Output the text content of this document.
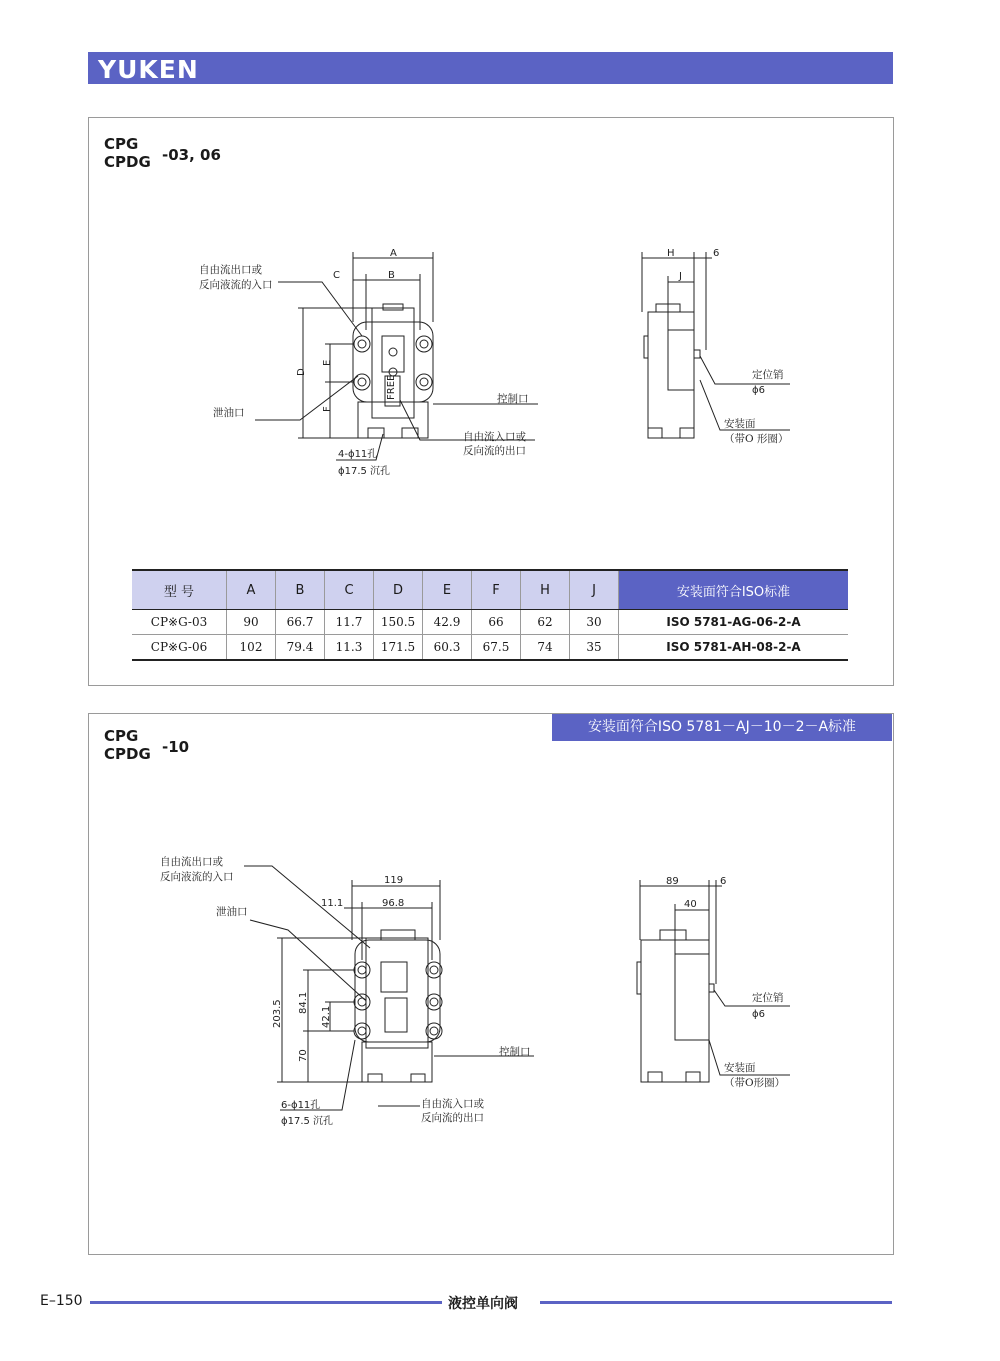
YUKEN
CPG
CPDG -03, 06
A
C	B
D
E
F
自由流出口或
反向液流的入口
泄油口
控制口
自由流入口或
反向流的出口
4-ϕ11孔
ϕ17.5 沉孔
FREE
H	6
J
定位销
ϕ6
安装面
（带O 形圈）
型 号	A	B	C	D	E	F	H	J	安装面符合ISO标准
CP※G-03	90	66.7	11.7	150.5	42.9	66	62	30	ISO 5781-AG-06-2-A
CP※G-06	102	79.4	11.3	171.5	60.3	67.5	74	35	ISO 5781-AH-08-2-A
安装面符合ISO 5781－AJ－10－2－A标准
CPG
CPDG -10
119
11.1	96.8
203.5 84.1
42.1
70
自由流出口或
反向液流的入口
泄油口
控制口
6-ϕ11孔
ϕ17.5 沉孔
自由流入口或
反向流的出口
89	6
40
定位销
ϕ6
安装面
（带O形圈）
E–150	液控单向阀
